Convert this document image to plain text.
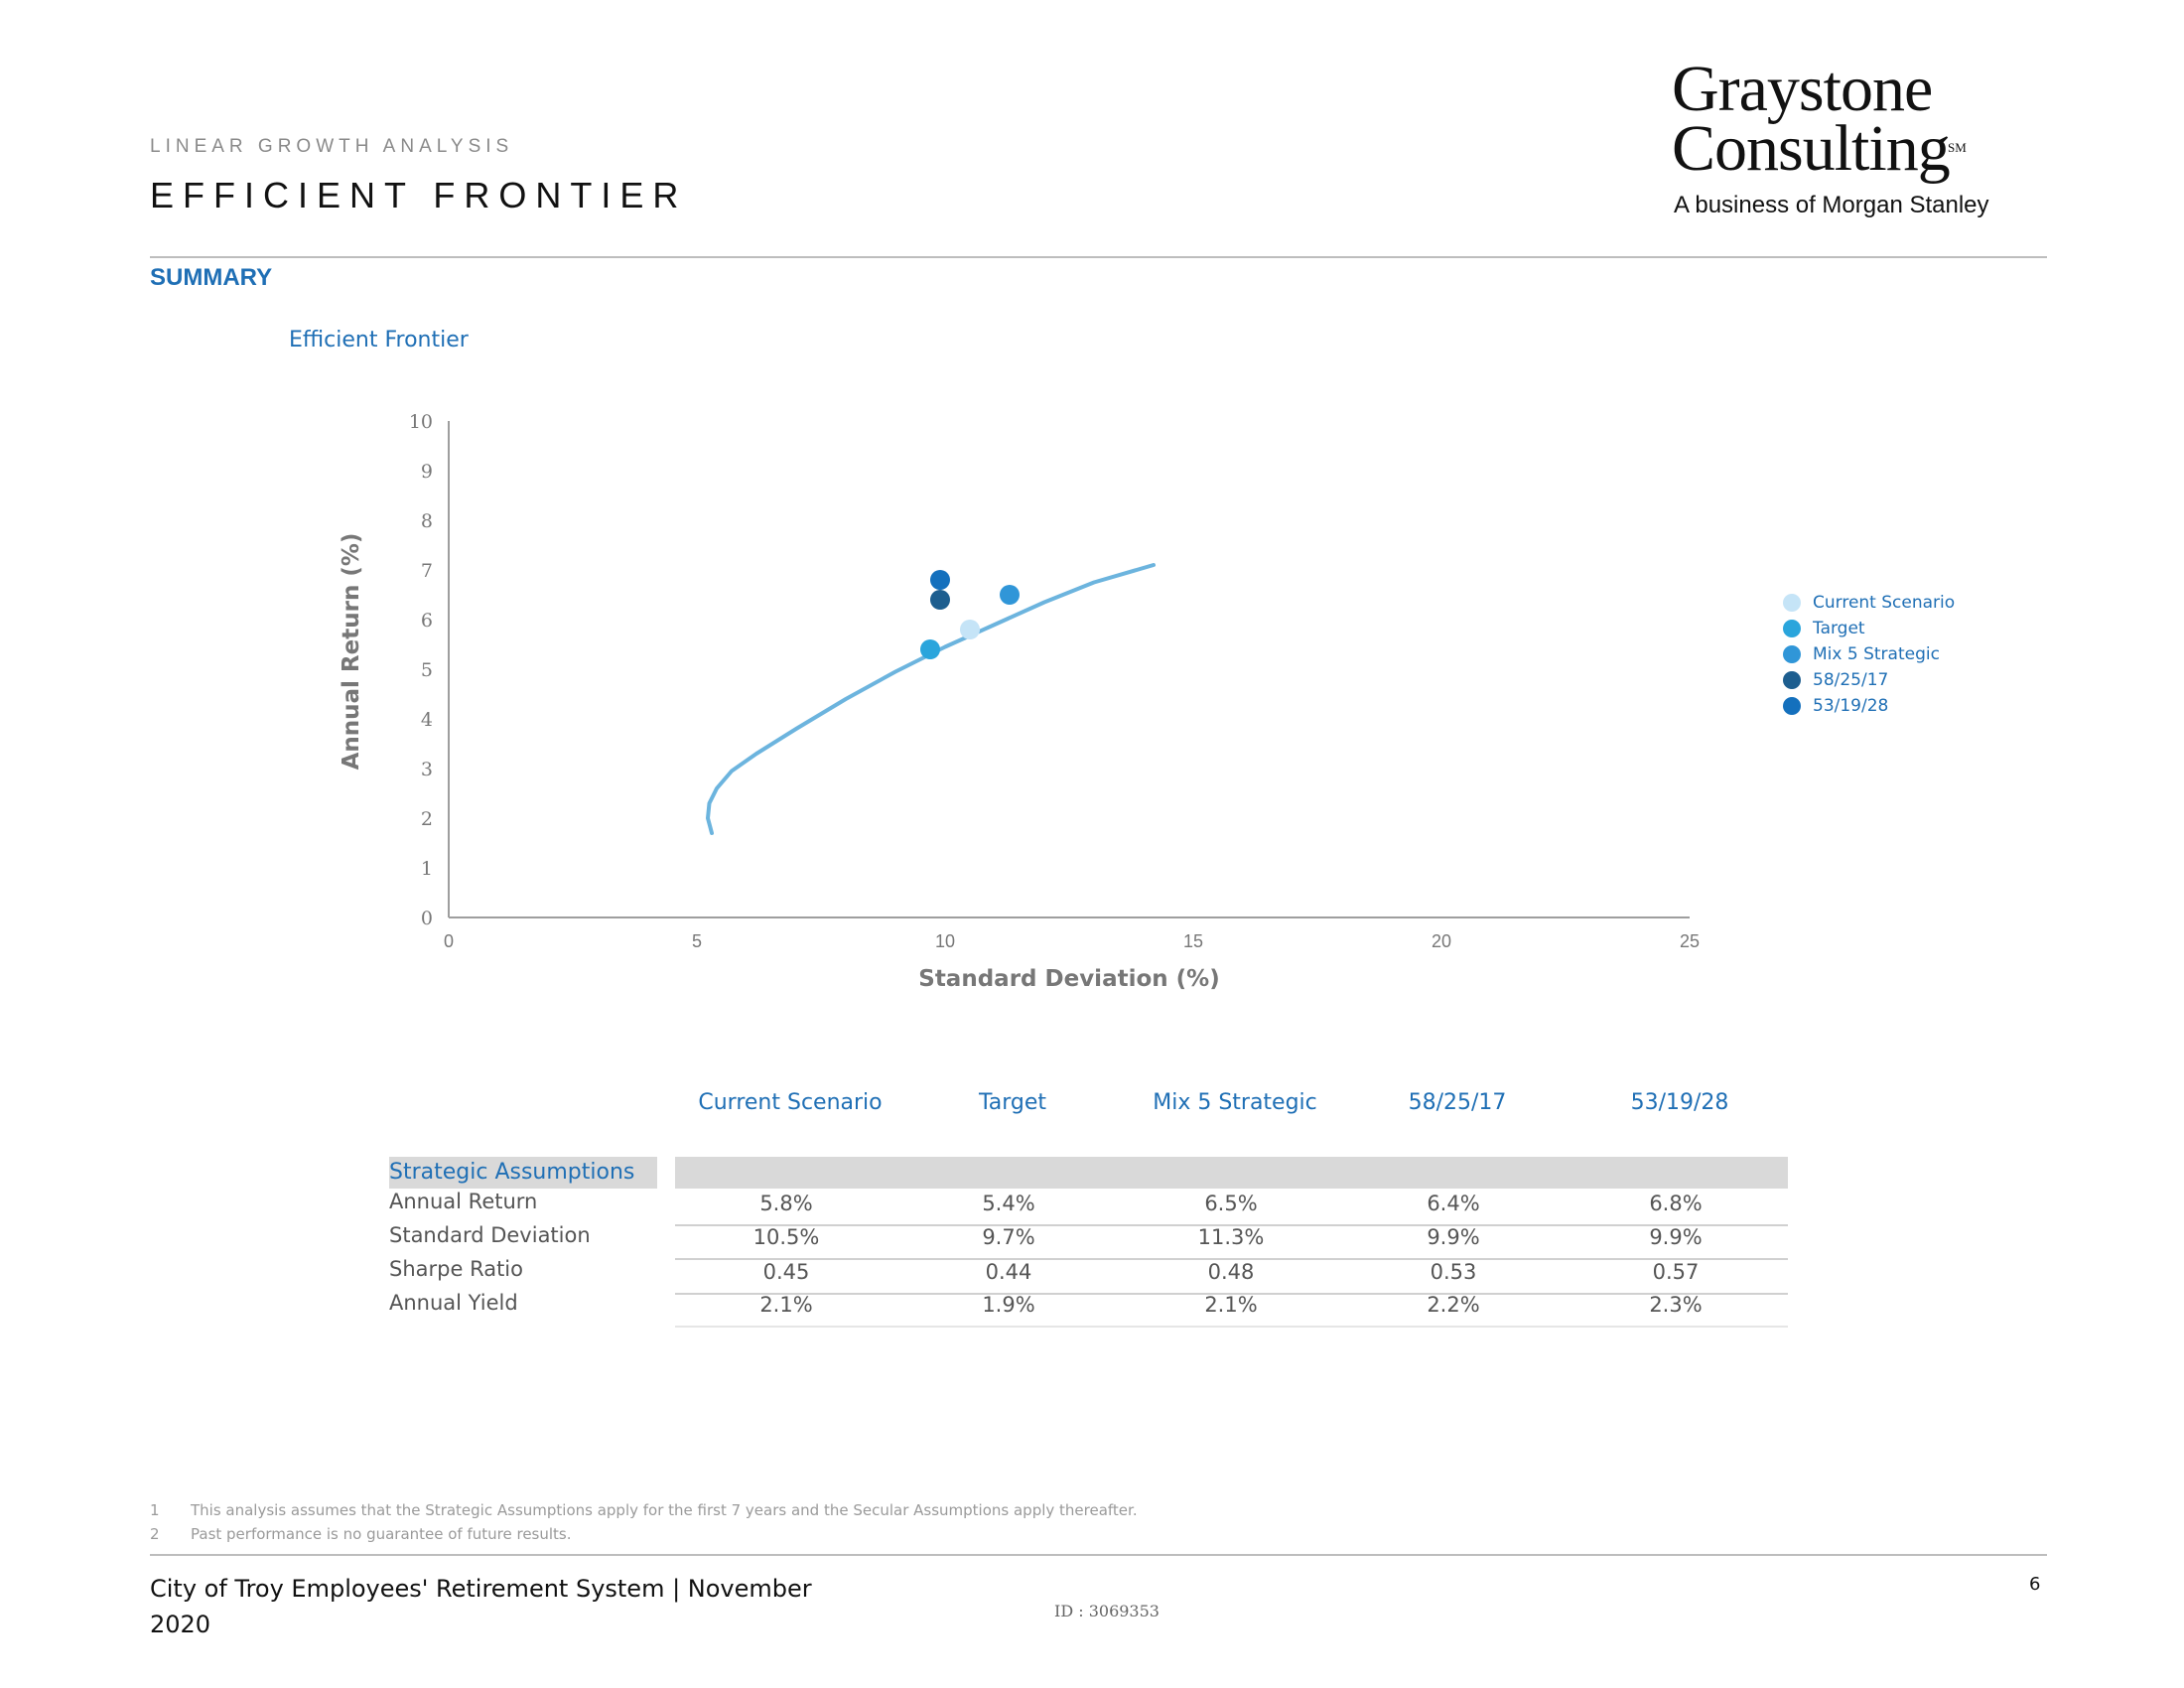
LINEAR GROWTH ANALYSIS
EFFICIENT FRONTIER
Graystone
Consulting
SM
A business of Morgan Stanley
SUMMARY
Efficient Frontier
0	5	10	15	20	25
0
1
2
3
4
5
6
7
8
9
10
Standard Deviation (%)
Annual Return (%)	Current Scenario
Target
Mix 5 Strategic
58/25/17
53/19/28
Current Scenario	Target	Mix 5 Strategic	58/25/17	53/19/28
Strategic Assumptions
Annual Return	5.8%	5.4%	6.5%	6.4%	6.8%
Standard Deviation	10.5%	9.7%	11.3%	9.9%	9.9%
Sharpe Ratio	0.45	0.44	0.48	0.53	0.57
Annual Yield	2.1%	1.9%	2.1%	2.2%	2.3%
1 This analysis assumes that the Strategic Assumptions apply for the first 7 years and the Secular Assumptions apply thereafter.
2 Past performance is no guarantee of future results.
City of Troy Employees' Retirement System | November 2020	ID : 3069353
6
